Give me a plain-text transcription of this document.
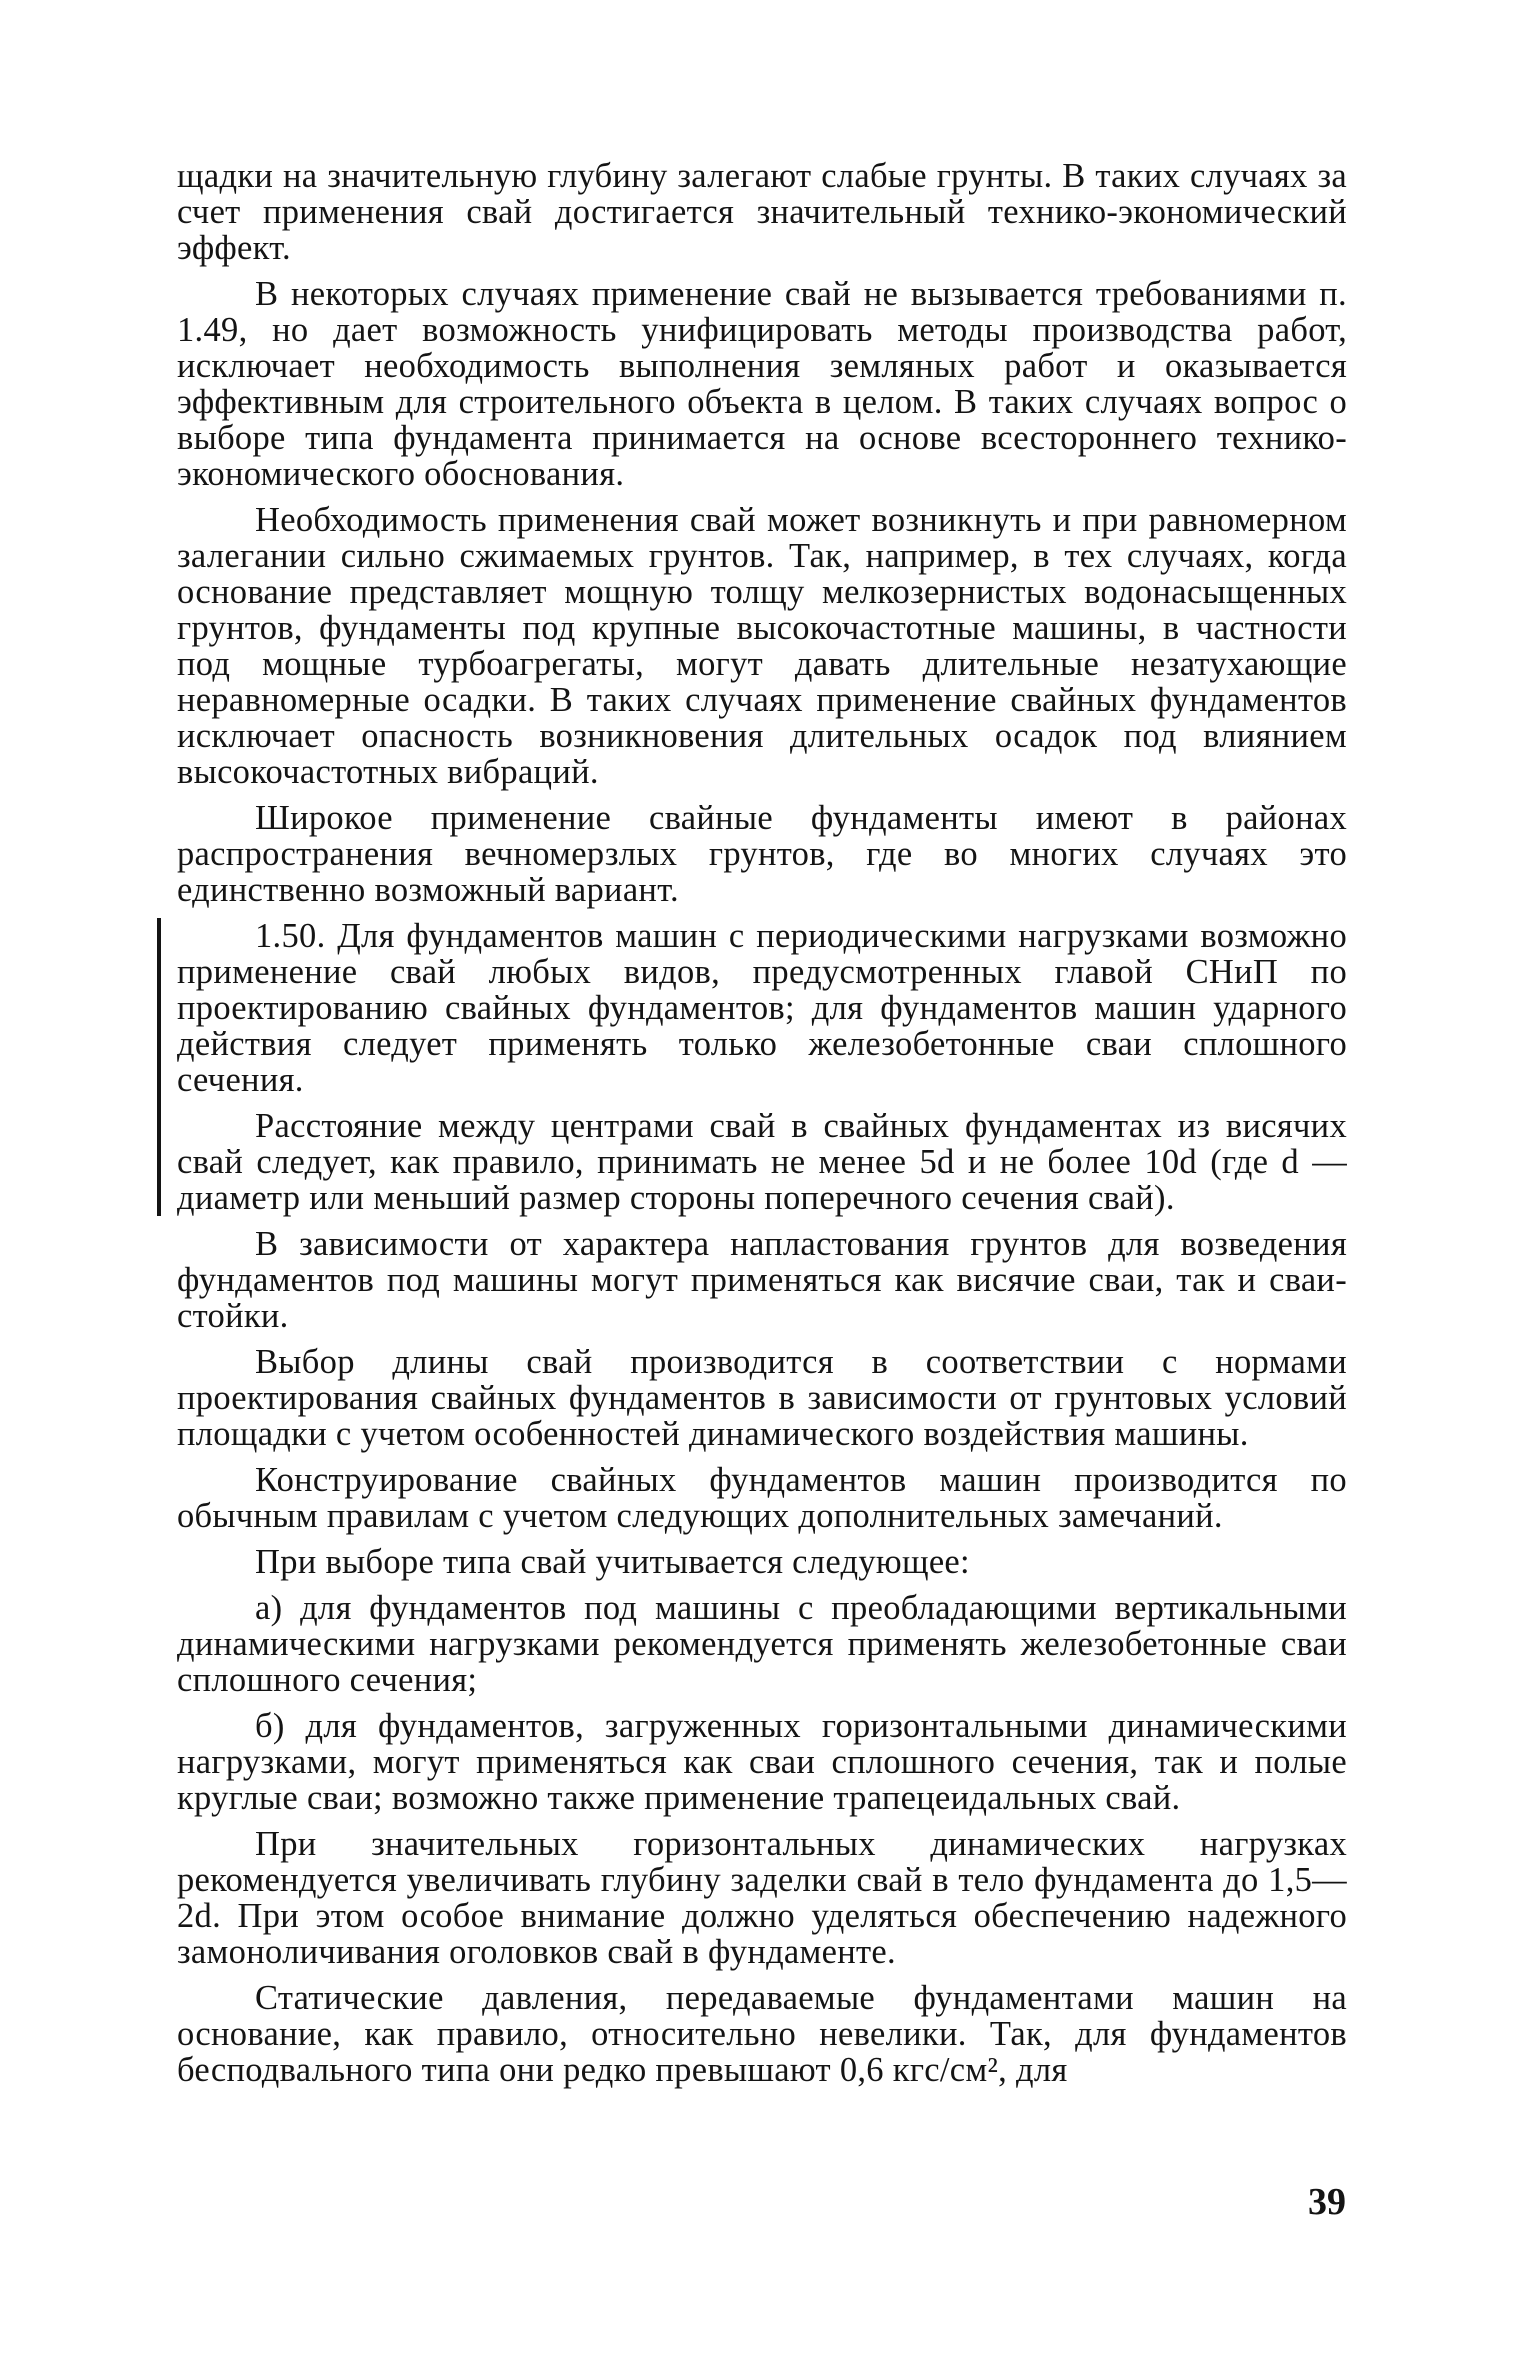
щадки на значительную глубину залегают слабые грунты. В таких случаях за счет применения свай достигается значительный технико-экономический эффект.

В некоторых случаях применение свай не вызывается требованиями п. 1.49, но дает возможность унифицировать методы производства работ, исключает необходимость выполнения земляных работ и оказывается эффективным для строительного объекта в целом. В таких случаях вопрос о выборе типа фундамента принимается на основе всестороннего технико-экономического обоснования.

Необходимость применения свай может возникнуть и при равномерном залегании сильно сжимаемых грунтов. Так, например, в тех случаях, когда основание представляет мощную толщу мелкозернистых водонасыщенных грунтов, фундаменты под крупные высокочастотные машины, в частности под мощные турбоагрегаты, могут давать длительные незатухающие неравномерные осадки. В таких случаях применение свайных фундаментов исключает опасность возникновения длительных осадок под влиянием высокочастотных вибраций.

Широкое применение свайные фундаменты имеют в районах распространения вечномерзлых грунтов, где во многих случаях это единственно возможный вариант.

1.50. Для фундаментов машин с периодическими нагрузками возможно применение свай любых видов, предусмотренных главой СНиП по проектированию свайных фундаментов; для фундаментов машин ударного действия следует применять только железобетонные сваи сплошного сечения.

Расстояние между центрами свай в свайных фундаментах из висячих свай следует, как правило, принимать не менее 5d и не более 10d (где d — диаметр или меньший размер стороны поперечного сечения свай).

В зависимости от характера напластования грунтов для возведения фундаментов под машины могут применяться как висячие сваи, так и сваи-стойки.

Выбор длины свай производится в соответствии с нормами проектирования свайных фундаментов в зависимости от грунтовых условий площадки с учетом особенностей динамического воздействия машины.

Конструирование свайных фундаментов машин производится по обычным правилам с учетом следующих дополнительных замечаний.

При выборе типа свай учитывается следующее:

а) для фундаментов под машины с преобладающими вертикальными динамическими нагрузками рекомендуется применять железобетонные сваи сплошного сечения;

б) для фундаментов, загруженных горизонтальными динамическими нагрузками, могут применяться как сваи сплошного сечения, так и полые круглые сваи; возможно также применение трапецеидальных свай.

При значительных горизонтальных динамических нагрузках рекомендуется увеличивать глубину заделки свай в тело фундамента до 1,5—2d. При этом особое внимание должно уделяться обеспечению надежного замоноличивания оголовков свай в фундаменте.

Статические давления, передаваемые фундаментами машин на основание, как правило, относительно невелики. Так, для фундаментов бесподвального типа они редко превышают 0,6 кгс/см², для

39
